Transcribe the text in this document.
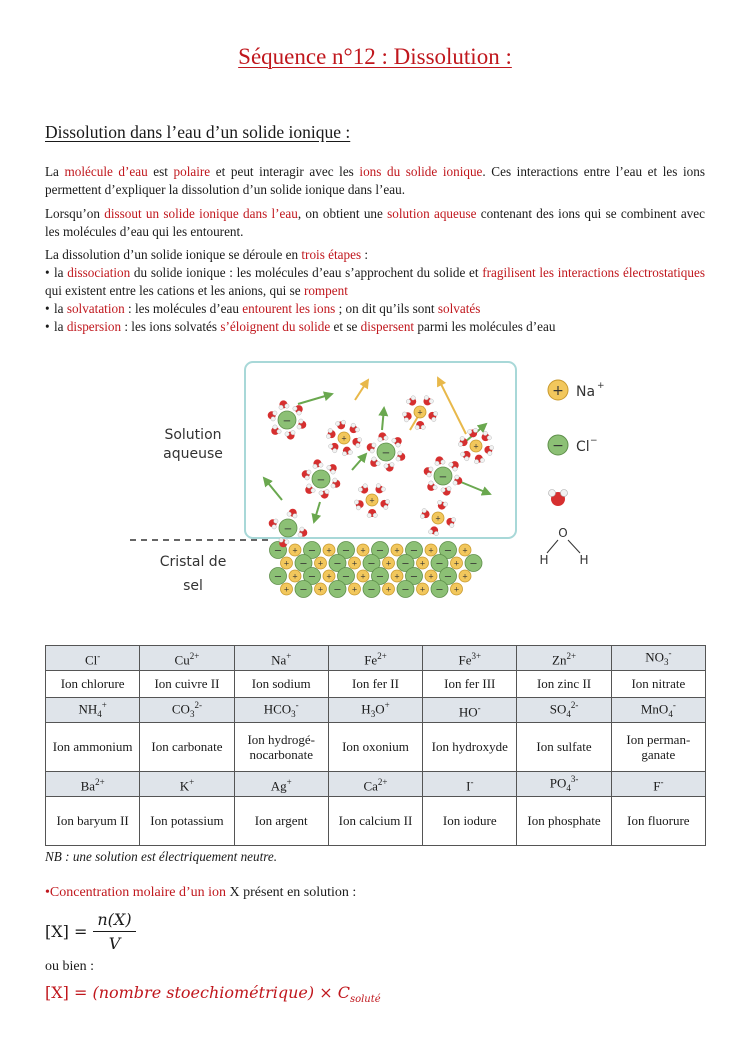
Séquence n°12 : Dissolution :
Dissolution dans l’eau d’un solide ionique :
La molécule d’eau est polaire et peut interagir avec les ions du solide ionique. Ces interactions entre l’eau et les ions permettent d’expliquer la dissolution d’un solide ionique dans l’eau.
Lorsqu’on dissout un solide ionique dans l’eau, on obtient une solution aqueuse contenant des ions qui se combinent avec les molécules d’eau qui les entourent.
La dissolution d’un solide ionique se déroule en trois étapes :
• la dissociation du solide ionique : les molécules d’eau s’approchent du solide et fragilisent les interactions électrostatiques qui existent entre les cations et les anions, qui se rompent
• la solvatation : les molécules d’eau entourent les ions ; on dit qu’ils sont solvatés
• la dispersion : les ions solvatés s’éloignent du solide et se dispersent parmi les molécules d’eau
− + − + − + − + − + − +
+ − + − + − + − + − + −
− + − + − + − + − + − +
+ − + − + − + − + − +
−
+
+
−
+
−
+
−
−
+
Solution
aqueuse
Cristal de
sel
+ Na +
− Cl −
O
H	H
Cl-	$Cu^{2+}$	Na+	$Fe^{2+}$	$Fe^{3+}$	$Zn^{2+}$	$NO_3^-$
Ion chlorure	Ion cuivre II	Ion sodium	Ion fer II	Ion fer III	Ion zinc II	Ion nitrate
$NH_4^+$	$CO_3^{2-}$	$HCO_3^-$	$H_3O^+$	HO-	$SO_4^{2-}$	MnO$_4$-
Ion ammonium	Ion carbonate	Ion hydrogé-nocarbonate	Ion oxonium	Ion hydroxyde	Ion sulfate	Ion perman-ganate
$Ba^{2+}$	K+	Ag+	$Ca^{2+}$	I-	$PO_4^{3-}$	F-
Ion baryum II	Ion potassium	Ion argent	Ion calcium II	Ion iodure	Ion phosphate	Ion fluorure
NB : une solution est électriquement neutre.
•Concentration molaire d’un ion X présent en solution :
$[X] = \frac{n(X)}{V}$
ou bien :
[X] = (nombre stoechiométrique) × $C_{soluté}$
